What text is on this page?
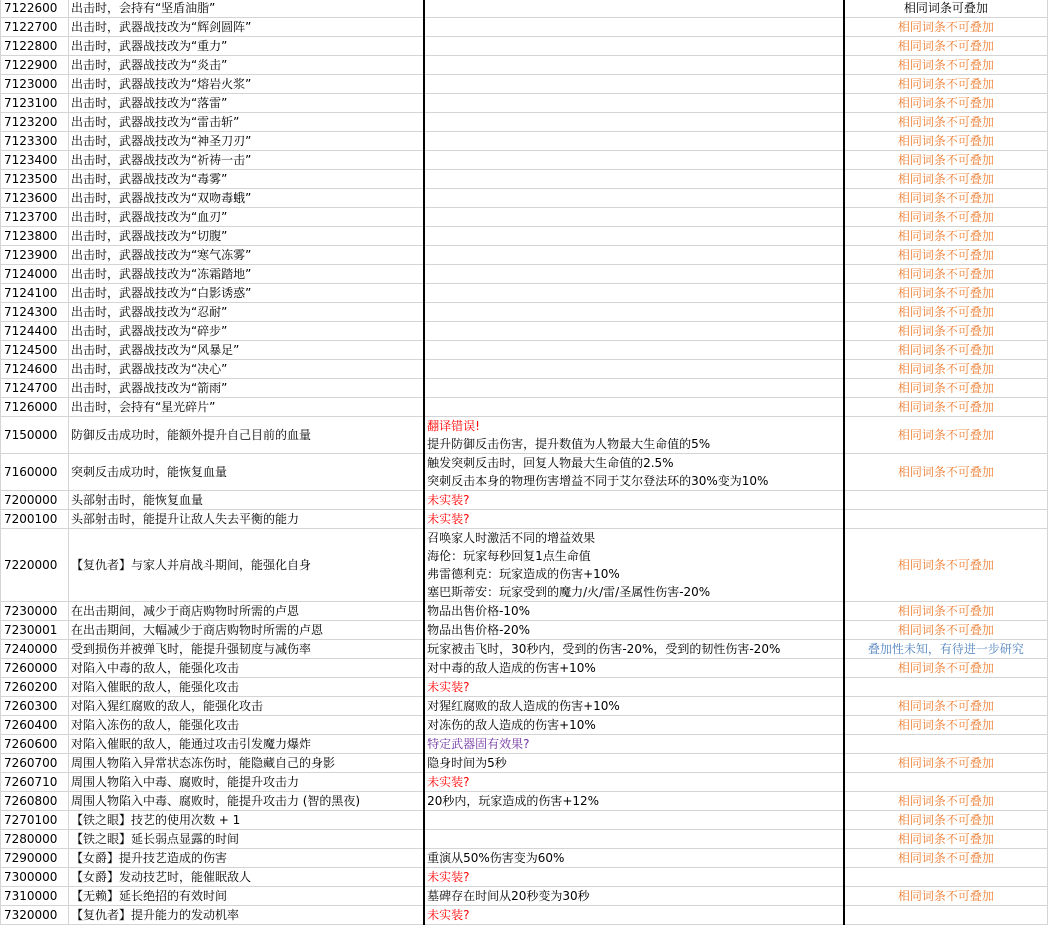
7122600	出击时，会持有“坚盾油脂”		相同词条可叠加
7122700	出击时，武器战技改为“辉剑圆阵”		相同词条不可叠加
7122800	出击时，武器战技改为“重力”		相同词条不可叠加
7122900	出击时，武器战技改为“炎击”		相同词条不可叠加
7123000	出击时，武器战技改为“熔岩火浆”		相同词条不可叠加
7123100	出击时，武器战技改为“落雷”		相同词条不可叠加
7123200	出击时，武器战技改为“雷击斩”		相同词条不可叠加
7123300	出击时，武器战技改为“神圣刀刃”		相同词条不可叠加
7123400	出击时，武器战技改为“祈祷一击”		相同词条不可叠加
7123500	出击时，武器战技改为“毒雾”		相同词条不可叠加
7123600	出击时，武器战技改为“双吻毒蛾”		相同词条不可叠加
7123700	出击时，武器战技改为“血刃”		相同词条不可叠加
7123800	出击时，武器战技改为“切腹”		相同词条不可叠加
7123900	出击时，武器战技改为“寒气冻雾”		相同词条不可叠加
7124000	出击时，武器战技改为“冻霜踏地”		相同词条不可叠加
7124100	出击时，武器战技改为“白影诱惑”		相同词条不可叠加
7124300	出击时，武器战技改为“忍耐”		相同词条不可叠加
7124400	出击时，武器战技改为“碎步”		相同词条不可叠加
7124500	出击时，武器战技改为“风暴足”		相同词条不可叠加
7124600	出击时，武器战技改为“决心”		相同词条不可叠加
7124700	出击时，武器战技改为“箭雨”		相同词条不可叠加
7126000	出击时，会持有“星光碎片”		相同词条不可叠加
7150000	防御反击成功时，能额外提升自己目前的血量	翻译错误!
提升防御反击伤害，提升数值为人物最大生命值的5%	相同词条不可叠加
7160000	突刺反击成功时，能恢复血量	触发突刺反击时，回复人物最大生命值的2.5%
突刺反击本身的物理伤害增益不同于艾尔登法环的30%变为10%	相同词条不可叠加
7200000	头部射击时，能恢复血量	未实装?	

7200100	头部射击时，能提升让敌人失去平衡的能力	未实装?	

7220000	【复仇者】与家人并肩战斗期间，能强化自身	召唤家人时激活不同的增益效果
海伦：玩家每秒回复1点生命值
弗雷德利克：玩家造成的伤害+10%
塞巴斯蒂安：玩家受到的魔力/火/雷/圣属性伤害-20%	相同词条不可叠加
7230000	在出击期间，减少于商店购物时所需的卢恩	物品出售价格-10%	相同词条不可叠加
7230001	在出击期间，大幅减少于商店购物时所需的卢恩	物品出售价格-20%	相同词条不可叠加
7240000	受到损伤并被弹飞时，能提升强韧度与减伤率	玩家被击飞时，30秒内，受到的伤害-20%，受到的韧性伤害-20%	叠加性未知，有待进一步研究
7260000	对陷入中毒的敌人，能强化攻击	对中毒的敌人造成的伤害+10%	相同词条不可叠加
7260200	对陷入催眠的敌人，能强化攻击	未实装?	

7260300	对陷入猩红腐败的敌人，能强化攻击	对猩红腐败的敌人造成的伤害+10%	相同词条不可叠加
7260400	对陷入冻伤的敌人，能强化攻击	对冻伤的敌人造成的伤害+10%	相同词条不可叠加
7260600	对陷入催眠的敌人，能通过攻击引发魔力爆炸	特定武器固有效果?	

7260700	周围人物陷入异常状态冻伤时，能隐藏自己的身影	隐身时间为5秒	相同词条不可叠加
7260710	周围人物陷入中毒、腐败时，能提升攻击力	未实装?	

7260800	周围人物陷入中毒、腐败时，能提升攻击力 (智的黑夜)	20秒内，玩家造成的伤害+12%	相同词条不可叠加
7270100	【铁之眼】技艺的使用次数 + 1		相同词条不可叠加
7280000	【铁之眼】延长弱点显露的时间		相同词条不可叠加
7290000	【女爵】提升技艺造成的伤害	重演从50%伤害变为60%	相同词条不可叠加
7300000	【女爵】发动技艺时，能催眠敌人	未实装?	

7310000	【无赖】延长绝招的有效时间	墓碑存在时间从20秒变为30秒	相同词条不可叠加
7320000	【复仇者】提升能力的发动机率	未实装?	
